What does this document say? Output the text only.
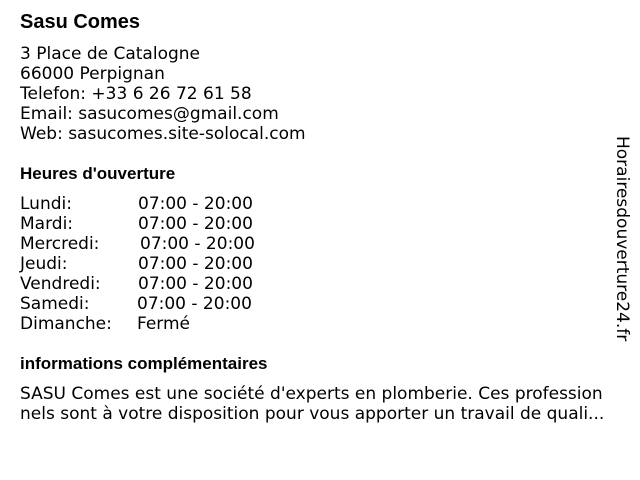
Sasu Comes
3 Place de Catalogne
66000 Perpignan
Telefon: +33 6 26 72 61 58
Email: sasucomes@gmail.com
Web: sasucomes.site-solocal.com
Heures d'ouverture
Lundi:	07:00 - 20:00
Mardi:	07:00 - 20:00
Mercredi: 07:00 - 20:00
Jeudi:	07:00 - 20:00
Vendredi: 07:00 - 20:00
Samedi:	07:00 - 20:00
Dimanche: Fermé
informations complémentaires
SASU Comes est une société d'experts en plomberie. Ces profession
nels sont à votre disposition pour vous apporter un travail de quali...
Horairesdouverture24.fr
